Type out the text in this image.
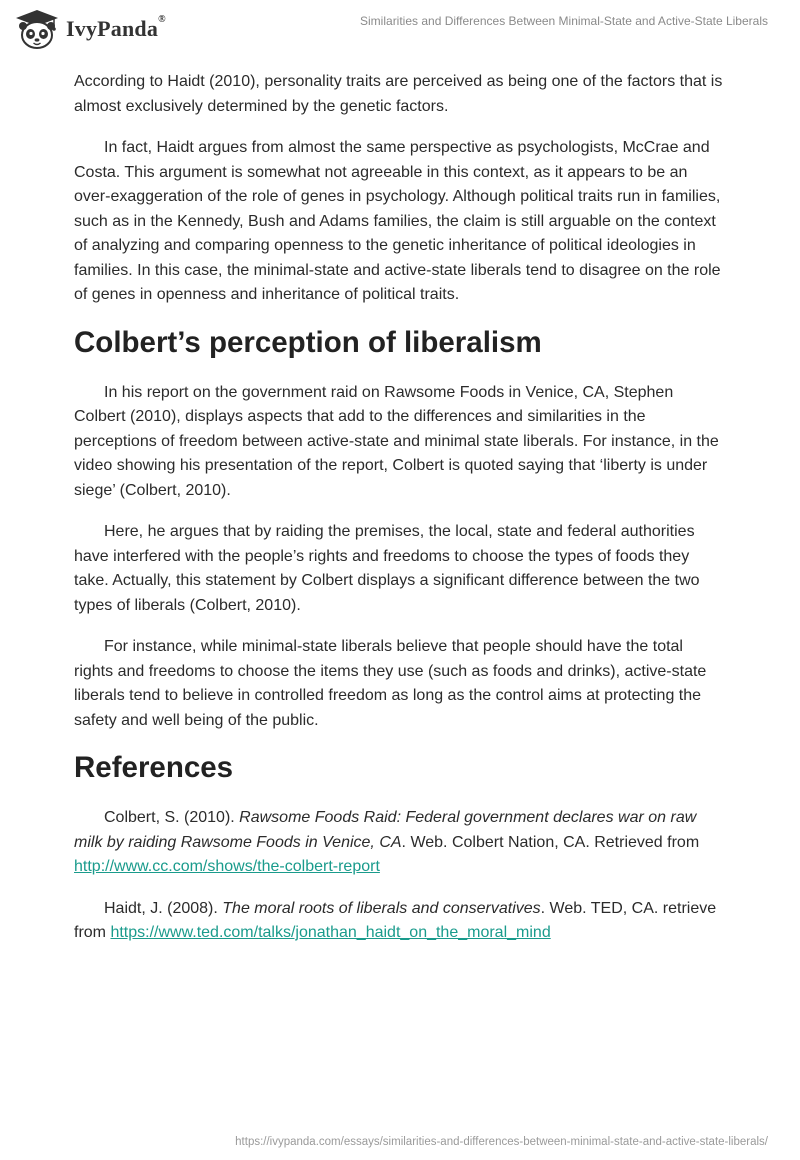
IvyPanda®	Similarities and Differences Between Minimal-State and Active-State Liberals

According to Haidt (2010), personality traits are perceived as being one of the factors that is almost exclusively determined by the genetic factors.

In fact, Haidt argues from almost the same perspective as psychologists, McCrae and Costa. This argument is somewhat not agreeable in this context, as it appears to be an over-exaggeration of the role of genes in psychology. Although political traits run in families, such as in the Kennedy, Bush and Adams families, the claim is still arguable on the context of analyzing and comparing openness to the genetic inheritance of political ideologies in families. In this case, the minimal-state and active-state liberals tend to disagree on the role of genes in openness and inheritance of political traits.

Colbert’s perception of liberalism

In his report on the government raid on Rawsome Foods in Venice, CA, Stephen Colbert (2010), displays aspects that add to the differences and similarities in the perceptions of freedom between active-state and minimal state liberals. For instance, in the video showing his presentation of the report, Colbert is quoted saying that ‘liberty is under siege’ (Colbert, 2010).

Here, he argues that by raiding the premises, the local, state and federal authorities have interfered with the people’s rights and freedoms to choose the types of foods they take. Actually, this statement by Colbert displays a significant difference between the two types of liberals (Colbert, 2010).

For instance, while minimal-state liberals believe that people should have the total rights and freedoms to choose the items they use (such as foods and drinks), active-state liberals tend to believe in controlled freedom as long as the control aims at protecting the safety and well being of the public.

References

Colbert, S. (2010). Rawsome Foods Raid: Federal government declares war on raw milk by raiding Rawsome Foods in Venice, CA. Web. Colbert Nation, CA. Retrieved from http://www.cc.com/shows/the-colbert-report

Haidt, J. (2008). The moral roots of liberals and conservatives. Web. TED, CA. retrieve from https://www.ted.com/talks/jonathan_haidt_on_the_moral_mind

https://ivypanda.com/essays/similarities-and-differences-between-minimal-state-and-active-state-liberals/
